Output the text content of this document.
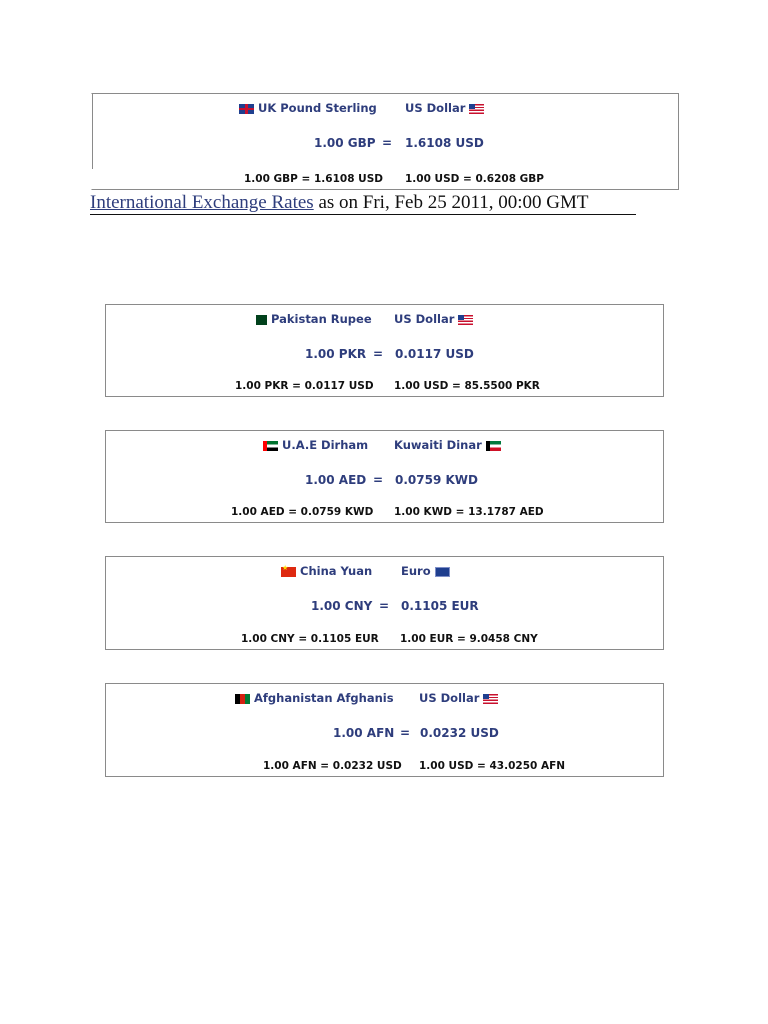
UK Pound Sterling US Dollar
1.00 GBP = 1.6108 USD
1.00 GBP = 1.6108 USD 1.00 USD = 0.6208 GBP
International Exchange Rates as on Fri, Feb 25 2011, 00:00 GMT
Pakistan Rupee US Dollar
1.00 PKR = 0.0117 USD
1.00 PKR = 0.0117 USD 1.00 USD = 85.5500 PKR
U.A.E Dirham Kuwaiti Dinar
1.00 AED = 0.0759 KWD
1.00 AED = 0.0759 KWD 1.00 KWD = 13.1787 AED
★China Yuan	Euro
1.00 CNY = 0.1105 EUR
1.00 CNY = 0.1105 EUR 1.00 EUR = 9.0458 CNY
Afghanistan Afghanis US Dollar
1.00 AFN = 0.0232 USD
1.00 AFN = 0.0232 USD 1.00 USD = 43.0250 AFN
